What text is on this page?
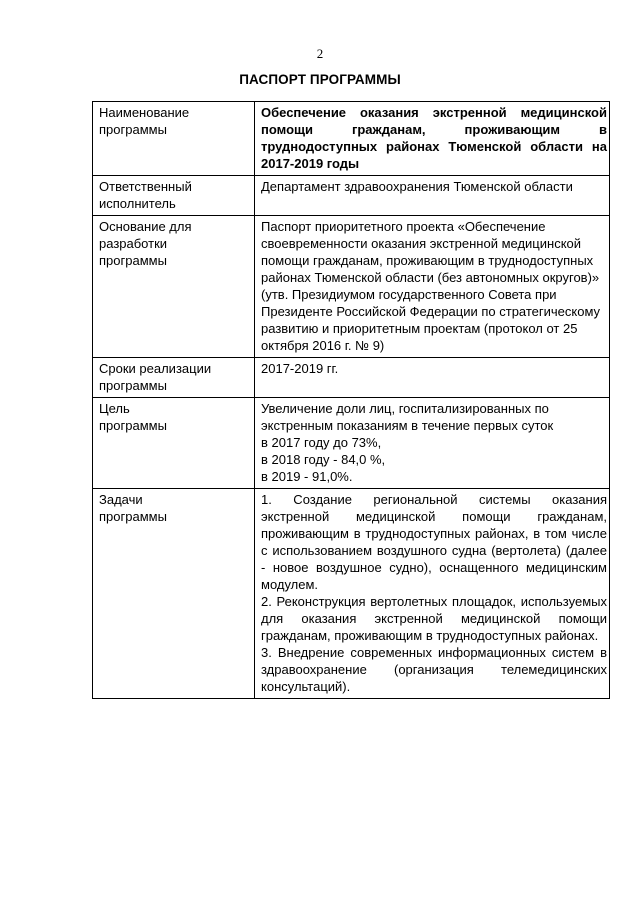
2
ПАСПОРТ ПРОГРАММЫ
Наименование
программы	Обеспечение оказания экстренной медицинской помощи гражданам, проживающим в труднодоступных районах Тюменской области на 2017-2019 годы
Ответственный исполнитель	Департамент здравоохранения Тюменской области
Основание для разработки
программы	Паспорт приоритетного проекта «Обеспечение своевременности оказания экстренной медицинской помощи гражданам, проживающим в труднодоступных районах Тюменской области (без автономных округов)» (утв. Президиумом государственного Совета при Президенте Российской Федерации по стратегическому развитию и приоритетным проектам (протокол от 25 октября 2016 г. № 9)
Сроки реализации программы	2017-2019 гг.
Цель
программы	Увеличение доли лиц, госпитализированных по экстренным показаниям в течение первых суток
в 2017 году до 73%,
в 2018 году - 84,0 %,
в 2019 - 91,0%.
Задачи
программы	1. Создание региональной системы оказания экстренной медицинской помощи гражданам, проживающим в труднодоступных районах, в том числе с использованием воздушного судна (вертолета) (далее - новое воздушное судно), оснащенного медицинским модулем.
2. Реконструкция вертолетных площадок, используемых для оказания экстренной медицинской помощи гражданам, проживающим в труднодоступных районах.
3. Внедрение современных информационных систем в здравоохранение (организация телемедицинских консультаций).
